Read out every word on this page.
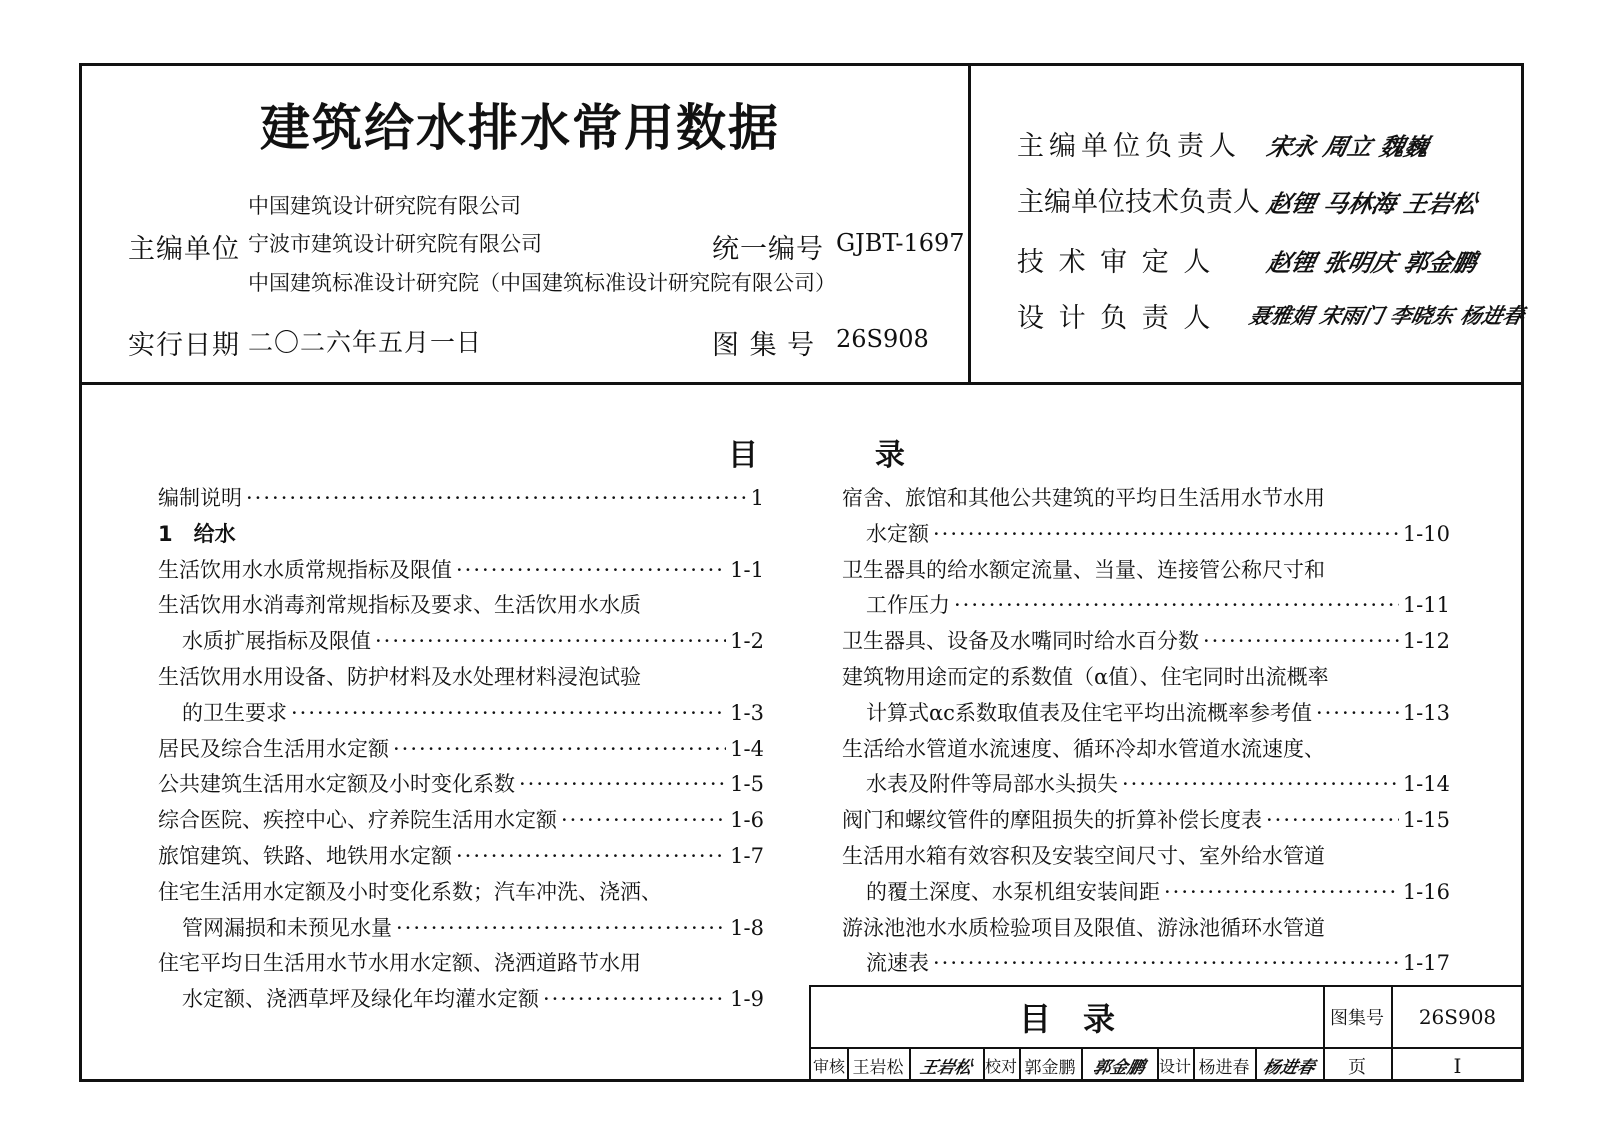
建筑给水排水常用数据
主编单位
中国建筑设计研究院有限公司
宁波市建筑设计研究院有限公司
中国建筑标准设计研究院（中国建筑标准设计研究院有限公司）
统一编号 GJBT-1697
实行日期 二〇二六年五月一日	图 集 号 26S908
主编单位负责人 宋永 周立 魏巍
主编单位技术负责人 赵锂 马林海 王岩松
技 术 审 定 人 赵锂 张明庆 郭金鹏
设 计 负 责 人 聂雅娟 宋雨门 李晓东 杨进春
目	录
目　录	图集号	26S908
审核 王岩松 王岩松 校对 郭金鹏 郭金鹏 设计 杨进春 杨进春	页	I
编制说明 ·····	1
1　给水
生活饮用水水质常规指标及限值 ·····	1-1
生活饮用水消毒剂常规指标及要求、生活饮用水水质
水质扩展指标及限值 ·····	1-2
生活饮用水用设备、防护材料及水处理材料浸泡试验
的卫生要求 ·····	1-3
居民及综合生活用水定额 ·····	1-4
公共建筑生活用水定额及小时变化系数 ·····	1-5
综合医院、疾控中心、疗养院生活用水定额 ·····	1-6
旅馆建筑、铁路、地铁用水定额 ·····	1-7
住宅生活用水定额及小时变化系数；汽车冲洗、浇洒、
管网漏损和未预见水量 ·····	1-8
住宅平均日生活用水节水用水定额、浇洒道路节水用
水定额、浇洒草坪及绿化年均灌水定额 ·····	1-9
宿舍、旅馆和其他公共建筑的平均日生活用水节水用
水定额 ·····	1-10
卫生器具的给水额定流量、当量、连接管公称尺寸和
工作压力 ·····	1-11
卫生器具、设备及水嘴同时给水百分数 ·····	1-12
建筑物用途而定的系数值（α值）、住宅同时出流概率
计算式αc系数取值表及住宅平均出流概率参考值 ·····	1-13
生活给水管道水流速度、循环冷却水管道水流速度、
水表及附件等局部水头损失 ·····	1-14
阀门和螺纹管件的摩阻损失的折算补偿长度表 ·····	1-15
生活用水箱有效容积及安装空间尺寸、室外给水管道
的覆土深度、水泵机组安装间距 ·····	1-16
游泳池池水水质检验项目及限值、游泳池循环水管道
流速表 ·····	1-17
